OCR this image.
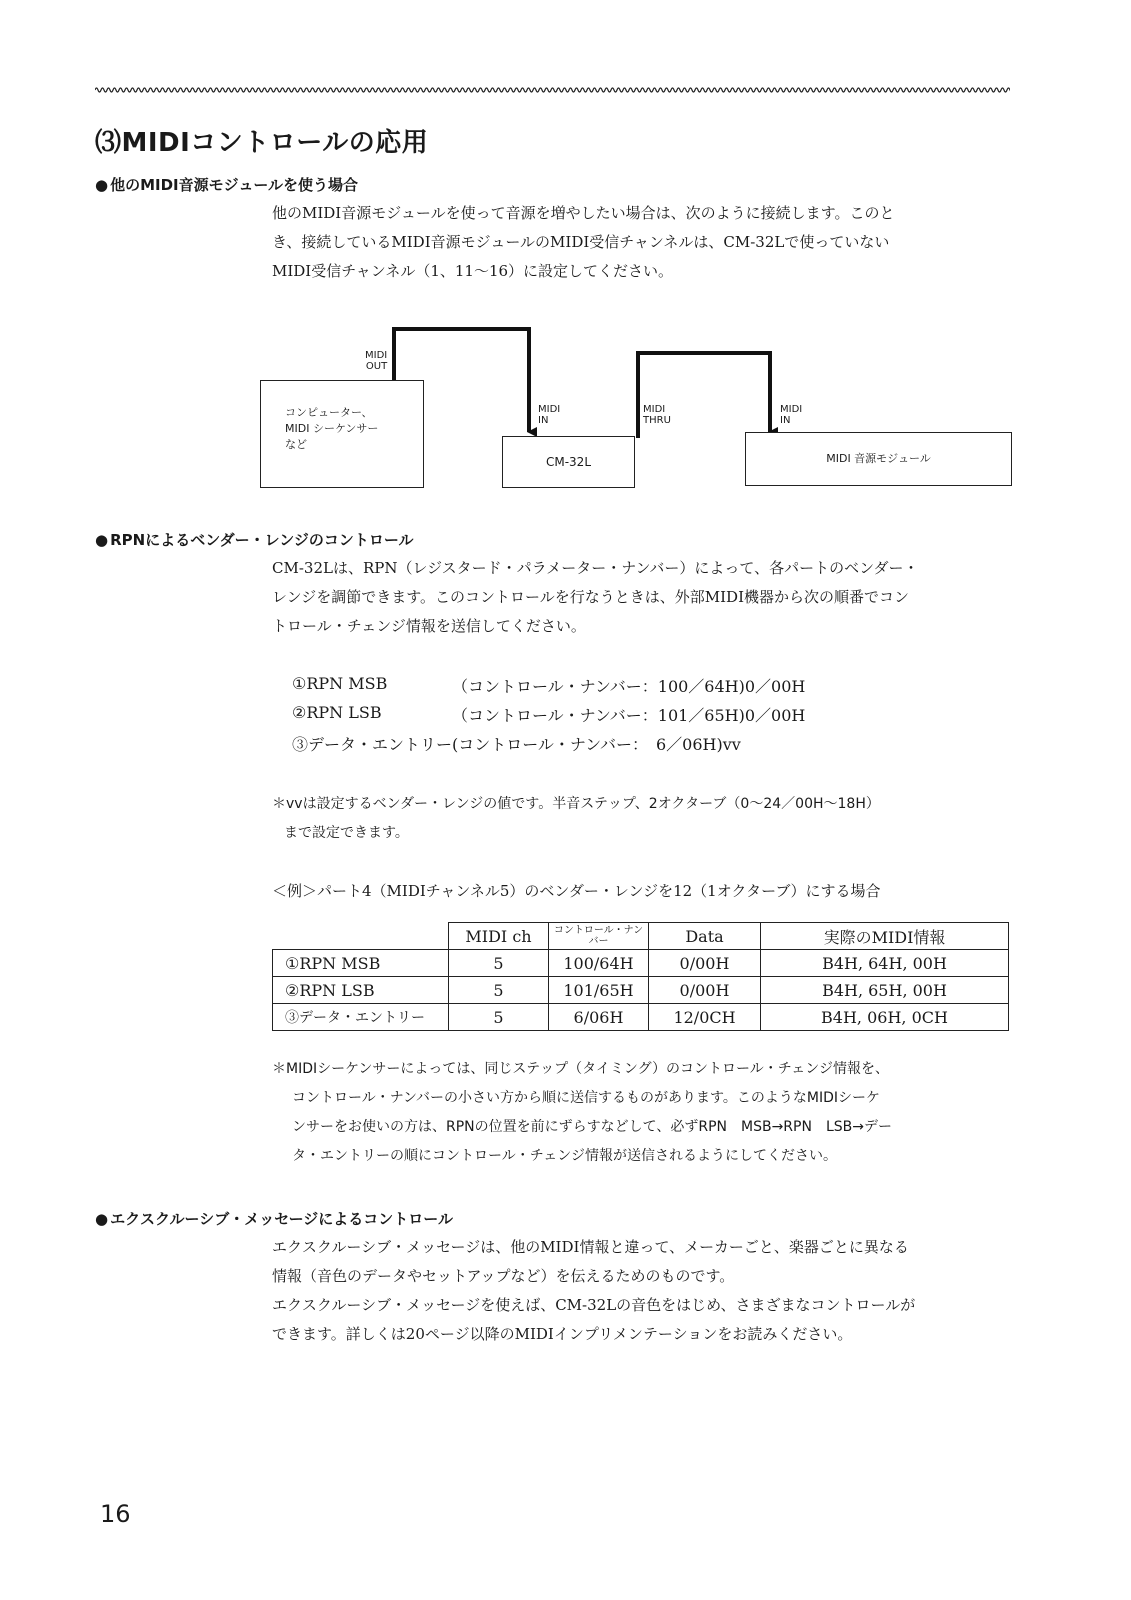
⑶MIDIコントロールの応用
● 他のMIDI音源モジュールを使う場合

他のMIDI音源モジュールを使って音源を増やしたい場合は、次のように接続します。このと

き、接続しているMIDI音源モジュールのMIDI受信チャンネルは、CM-32Lで使っていない

MIDI受信チャンネル（1、11〜16）に設定してください。

コンピューター、
MIDI シーケンサー
など
MIDI
OUT
CM-32L
MIDI
IN
MIDI
THRU
MIDI 音源モジュール
MIDI
IN
● RPNによるベンダー・レンジのコントロール

CM-32Lは、RPN（レジスタード・パラメーター・ナンバー）によって、各パートのベンダー・

レンジを調節できます。このコントロールを行なうときは、外部MIDI機器から次の順番でコン

トロール・チェンジ情報を送信してください。

①RPN MSB	（コントロール・ナンバー：100／64H)0／00H
②RPN LSB	（コントロール・ナンバー：101／65H)0／00H
③データ・エントリー (コントロール・ナンバー：　6／06H)vv

＊vvは設定するベンダー・レンジの値です。半音ステップ、2オクターブ（0〜24／00H〜18H）

まで設定できます。

＜例＞パート4（MIDIチャンネル5）のベンダー・レンジを12（1オクターブ）にする場合

	MIDI ch	コントロール・ナンバー	Data	実際のMIDI情報
①RPN MSB	5	100/64H	0/00H	B4H, 64H, 00H
②RPN LSB	5	101/65H	0/00H	B4H, 65H, 00H
③データ・エントリー	5	6/06H	12/0CH	B4H, 06H, 0CH

＊MIDIシーケンサーによっては、同じステップ（タイミング）のコントロール・チェンジ情報を、

コントロール・ナンバーの小さい方から順に送信するものがあります。このようなMIDIシーケ

ンサーをお使いの方は、RPNの位置を前にずらすなどして、必ずRPN　MSB→RPN　LSB→デー

タ・エントリーの順にコントロール・チェンジ情報が送信されるようにしてください。

● エクスクルーシブ・メッセージによるコントロール

エクスクルーシブ・メッセージは、他のMIDI情報と違って、メーカーごと、楽器ごとに異なる

情報（音色のデータやセットアップなど）を伝えるためのものです。

エクスクルーシブ・メッセージを使えば、CM-32Lの音色をはじめ、さまざまなコントロールが

できます。詳しくは20ページ以降のMIDIインプリメンテーションをお読みください。

16
